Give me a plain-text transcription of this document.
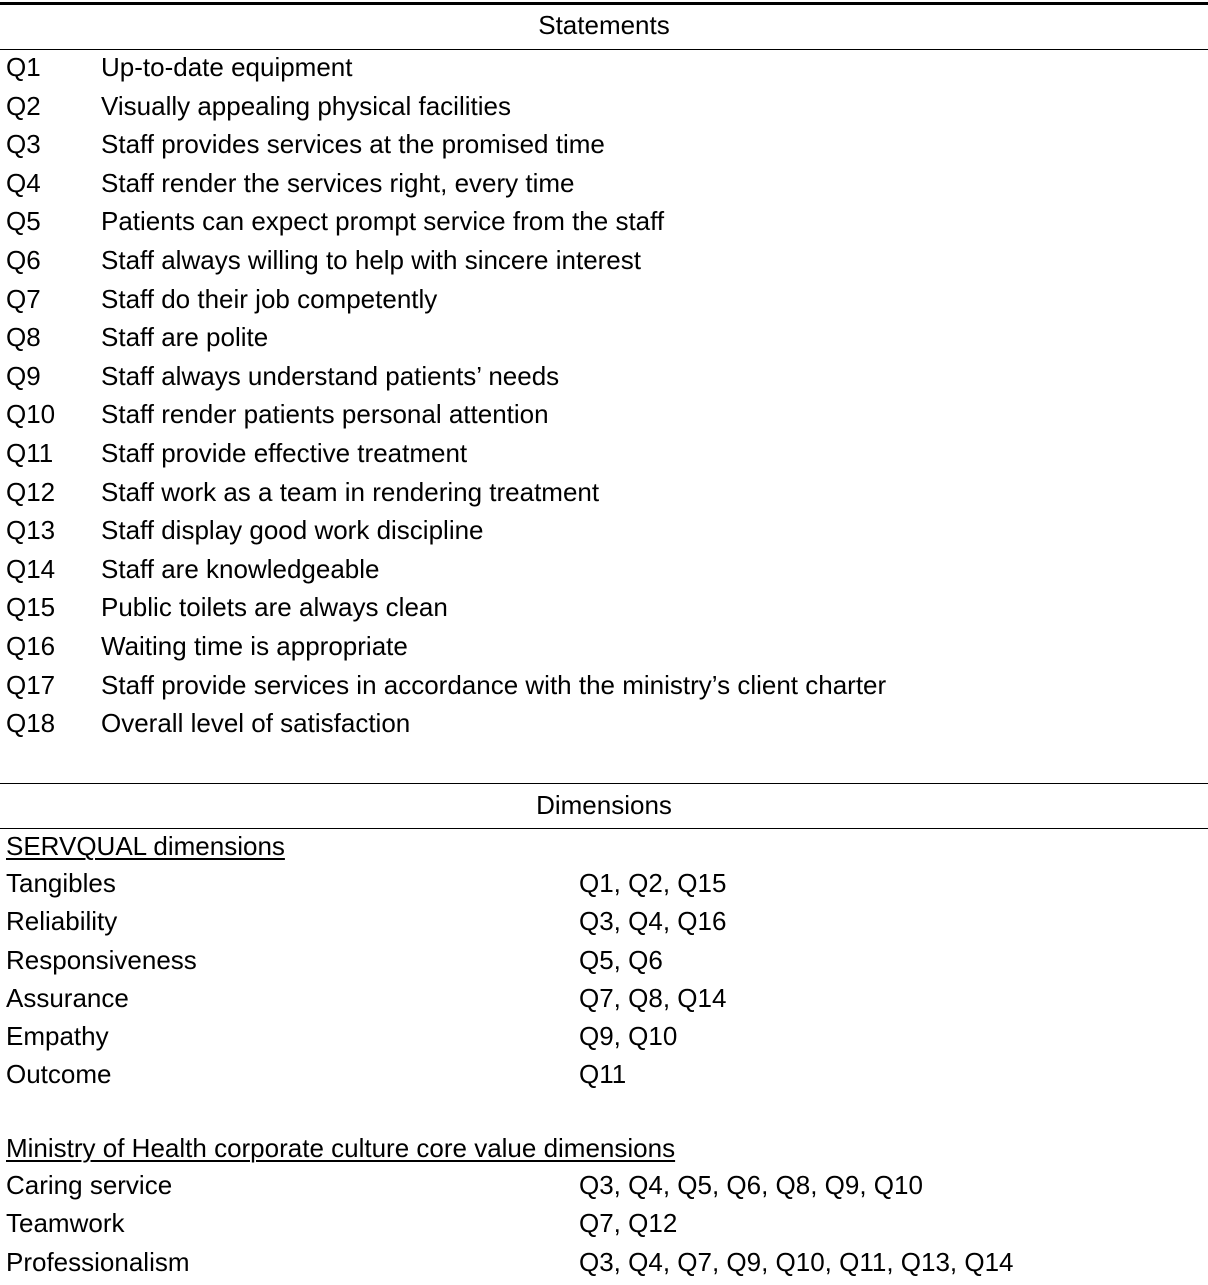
Statements
Q1 Up-to-date equipment
Q2 Visually appealing physical facilities
Q3 Staff provides services at the promised time
Q4 Staff render the services right, every time
Q5 Patients can expect prompt service from the staff
Q6 Staff always willing to help with sincere interest
Q7 Staff do their job competently
Q8 Staff are polite
Q9 Staff always understand patients’ needs
Q10 Staff render patients personal attention
Q11 Staff provide effective treatment
Q12 Staff work as a team in rendering treatment
Q13 Staff display good work discipline
Q14 Staff are knowledgeable
Q15 Public toilets are always clean
Q16 Waiting time is appropriate
Q17 Staff provide services in accordance with the ministry’s client charter
Q18 Overall level of satisfaction
Dimensions
SERVQUAL dimensions
Tangibles	Q1, Q2, Q15
Reliability	Q3, Q4, Q16
Responsiveness	Q5, Q6
Assurance	Q7, Q8, Q14
Empathy	Q9, Q10
Outcome	Q11
Ministry of Health corporate culture core value dimensions
Caring service	Q3, Q4, Q5, Q6, Q8, Q9, Q10
Teamwork	Q7, Q12
Professionalism	Q3, Q4, Q7, Q9, Q10, Q11, Q13, Q14
